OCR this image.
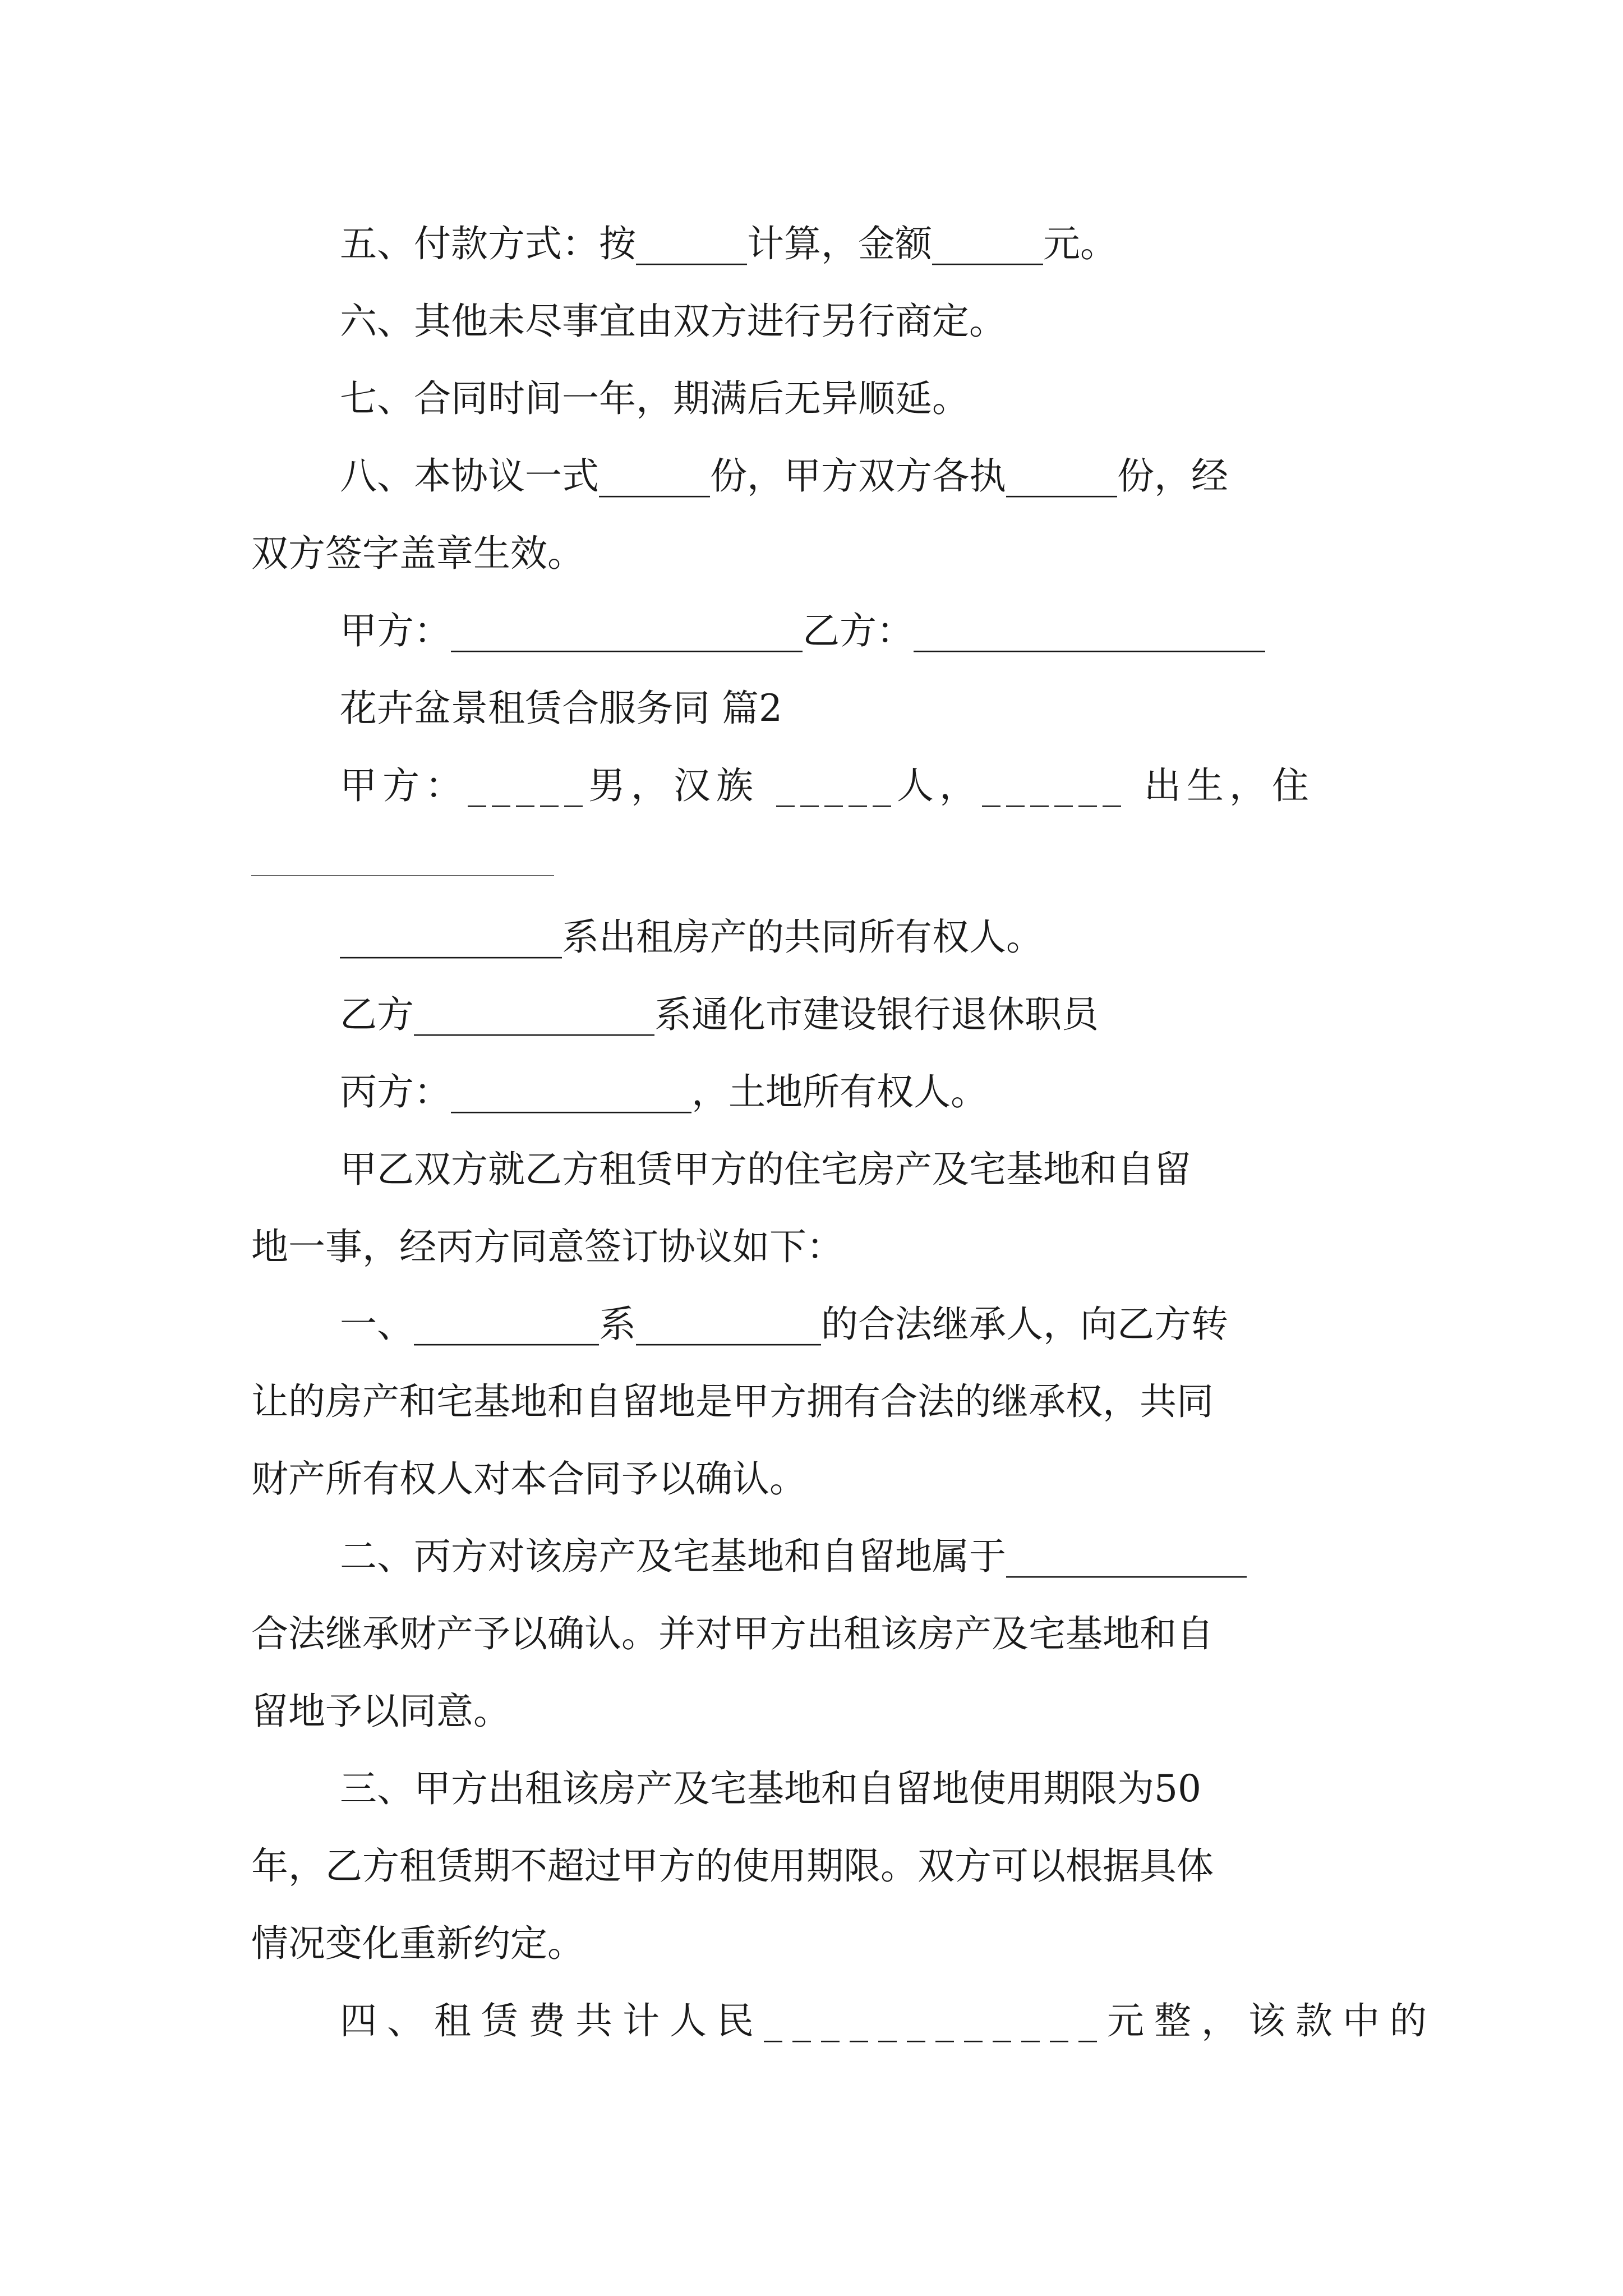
五、付款方式：按______计算，金额______元。
六、其他未尽事宜由双方进行另行商定。
七、合同时间一年，期满后无异顺延。
八、本协议一式______份，甲方双方各执______份，经
双方签字盖章生效。
甲方：___________________乙方：___________________
花卉盆景租赁合服务同 篇2
甲方：_____男，汉族 _____人，______ 出生，住
____________系出租房产的共同所有权人。
乙方_____________系通化市建设银行退休职员
丙方：_____________，土地所有权人。
甲乙双方就乙方租赁甲方的住宅房产及宅基地和自留
地一事，经丙方同意签订协议如下：
一、__________系__________的合法继承人，向乙方转
让的房产和宅基地和自留地是甲方拥有合法的继承权，共同
财产所有权人对本合同予以确认。
二、丙方对该房产及宅基地和自留地属于_____________
合法继承财产予以确认。并对甲方出租该房产及宅基地和自
留地予以同意。
三、甲方出租该房产及宅基地和自留地使用期限为50
年，乙方租赁期不超过甲方的使用期限。双方可以根据具体
情况变化重新约定。
四、租赁费共计人民____________元整，该款中的
